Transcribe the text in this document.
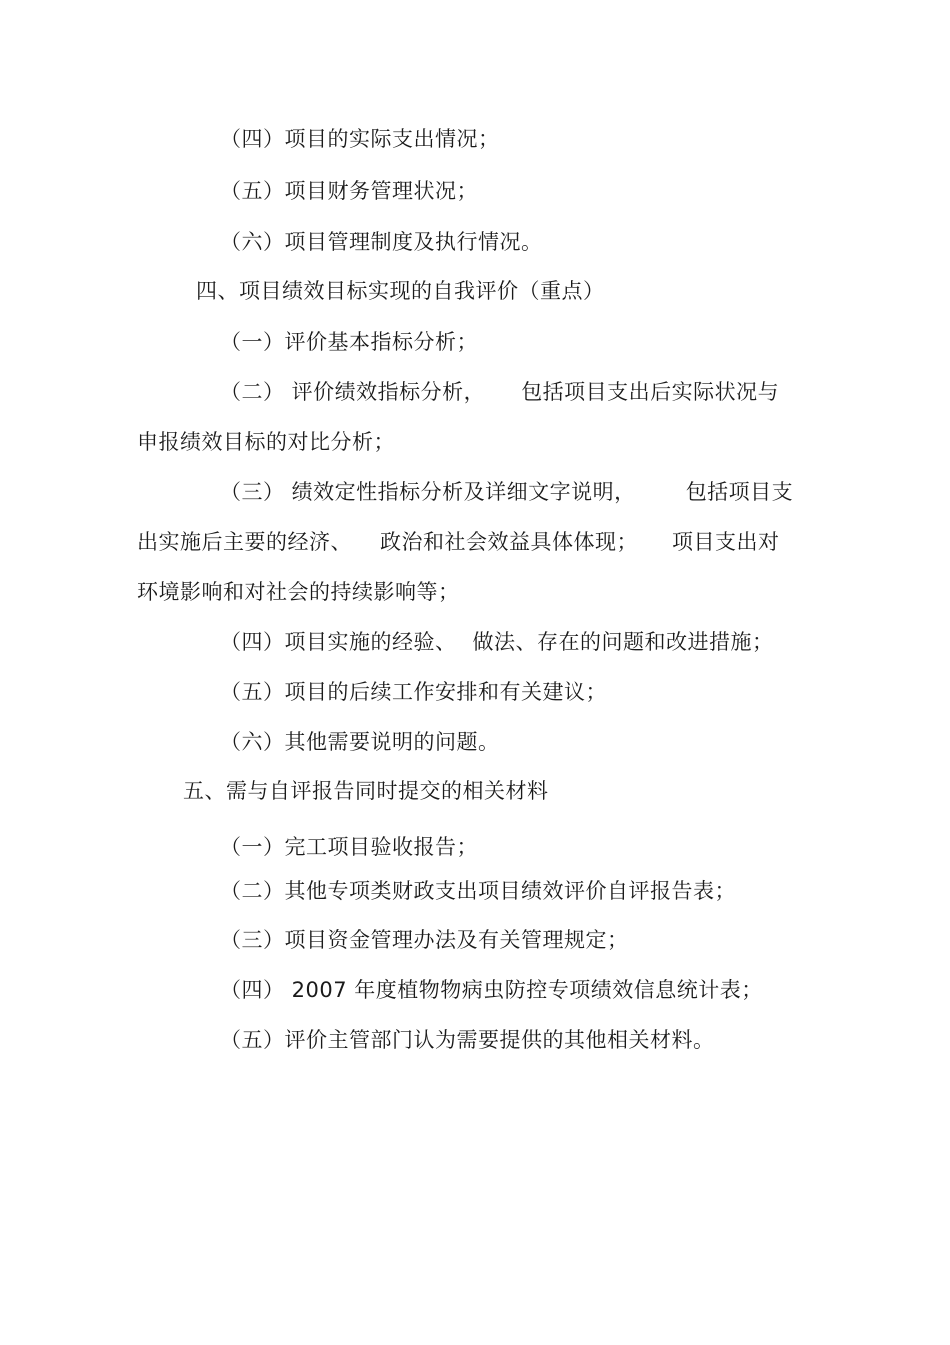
（四）项目的实际支出情况；
（五）项目财务管理状况；
（六）项目管理制度及执行情况。
四、项目绩效目标实现的自我评价（重点）
（一）评价基本指标分析；
（二） 评价绩效指标分析， 包括项目支出后实际状况与
申报绩效目标的对比分析；
（三） 绩效定性指标分析及详细文字说明， 包括项目支
出实施后主要的经济、 政治和社会效益具体体现； 项目支出对
环境影响和对社会的持续影响等；
（四）项目实施的经验、 做法、存在的问题和改进措施；
（五）项目的后续工作安排和有关建议；
（六）其他需要说明的问题。
五、需与自评报告同时提交的相关材料
（一）完工项目验收报告；
（二）其他专项类财政支出项目绩效评价自评报告表；
（三）项目资金管理办法及有关管理规定；
（四） 2007 年度植物物病虫防控专项绩效信息统计表；
（五）评价主管部门认为需要提供的其他相关材料。
